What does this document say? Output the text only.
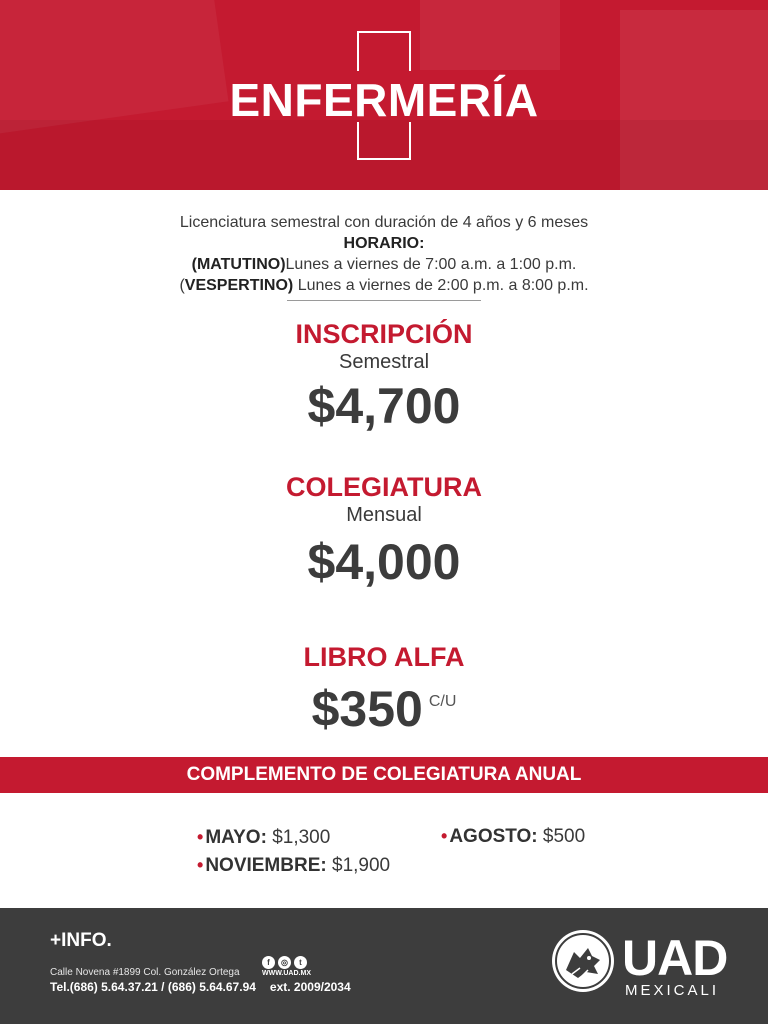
ENFERMERÍA
Licenciatura semestral con duración de 4 años y 6 meses
HORARIO:
(MATUTINO)Lunes a viernes de 7:00 a.m. a 1:00 p.m.
(VESPERTINO) Lunes a viernes de 2:00 p.m. a 8:00 p.m.
INSCRIPCIÓN
Semestral
$4,700
COLEGIATURA
Mensual
$4,000
LIBRO ALFA
$350 $^{C/U}$
COMPLEMENTO DE COLEGIATURA ANUAL
• MAYO: $1,300	• AGOSTO: $500
• NOVIEMBRE: $1,900
+INFO.
f	◎	t
WWW.UAD.MX
Calle Novena #1899 Col. González Ortega
Tel.(686) 5.64.37.21 / (686) 5.64.67.94 ext. 2009/2034
UAD
MEXICALI
